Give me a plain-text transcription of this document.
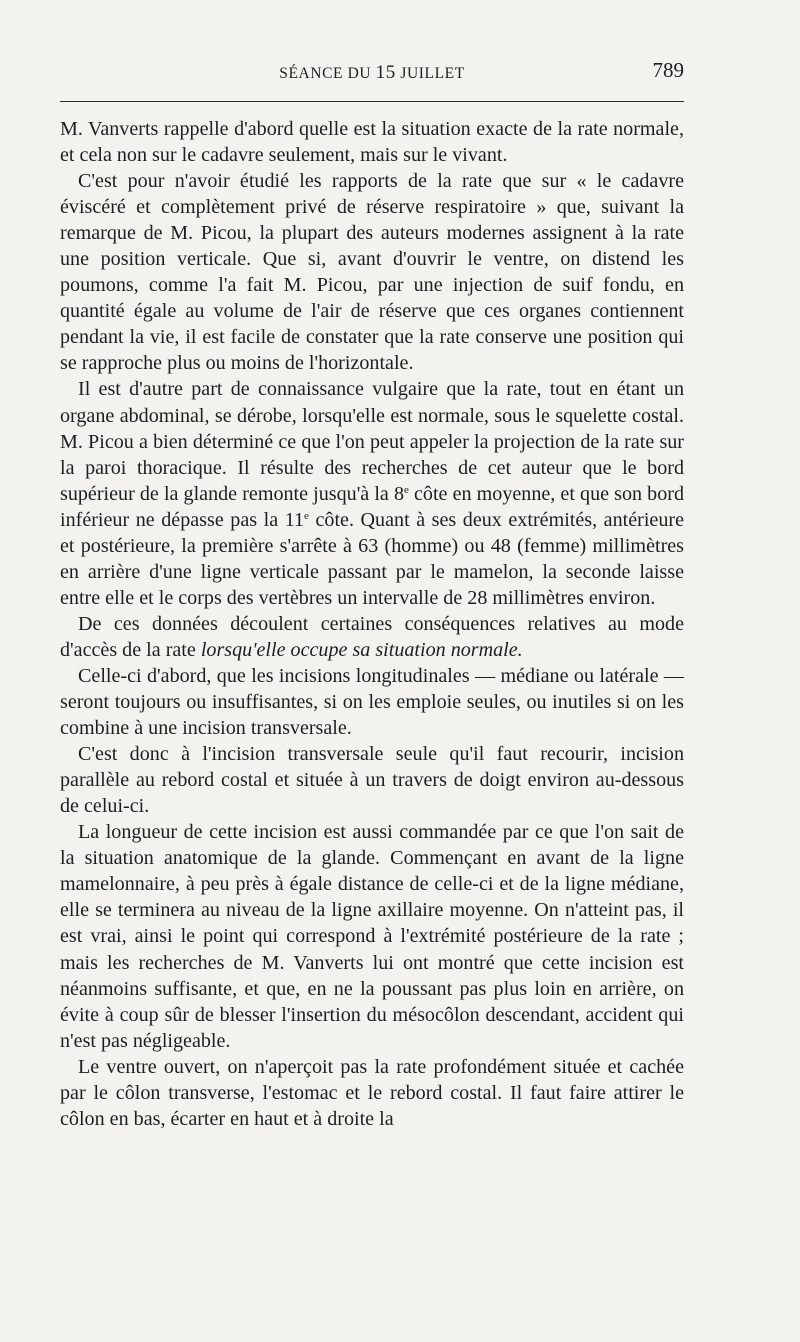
SÉANCE DU 15 JUILLET	789

M. Vanverts rappelle d'abord quelle est la situation exacte de la rate normale, et cela non sur le cadavre seulement, mais sur le vivant.

C'est pour n'avoir étudié les rapports de la rate que sur « le cadavre éviscéré et complètement privé de réserve respiratoire » que, suivant la remarque de M. Picou, la plupart des auteurs modernes assignent à la rate une position verticale. Que si, avant d'ouvrir le ventre, on distend les poumons, comme l'a fait M. Picou, par une injection de suif fondu, en quantité égale au volume de l'air de réserve que ces organes contiennent pendant la vie, il est facile de constater que la rate conserve une position qui se rapproche plus ou moins de l'horizontale.

Il est d'autre part de connaissance vulgaire que la rate, tout en étant un organe abdominal, se dérobe, lorsqu'elle est normale, sous le squelette costal. M. Picou a bien déterminé ce que l'on peut appeler la projection de la rate sur la paroi thoracique. Il résulte des recherches de cet auteur que le bord supérieur de la glande remonte jusqu'à la 8e côte en moyenne, et que son bord inférieur ne dépasse pas la 11e côte. Quant à ses deux extrémités, antérieure et postérieure, la première s'arrête à 63 (homme) ou 48 (femme) millimètres en arrière d'une ligne verticale passant par le mamelon, la seconde laisse entre elle et le corps des vertèbres un intervalle de 28 millimètres environ.

De ces données découlent certaines conséquences relatives au mode d'accès de la rate lorsqu'elle occupe sa situation normale.

Celle-ci d'abord, que les incisions longitudinales — médiane ou latérale — seront toujours ou insuffisantes, si on les emploie seules, ou inutiles si on les combine à une incision transversale.

C'est donc à l'incision transversale seule qu'il faut recourir, incision parallèle au rebord costal et située à un travers de doigt environ au-dessous de celui-ci.

La longueur de cette incision est aussi commandée par ce que l'on sait de la situation anatomique de la glande. Commençant en avant de la ligne mamelonnaire, à peu près à égale distance de celle-ci et de la ligne médiane, elle se terminera au niveau de la ligne axillaire moyenne. On n'atteint pas, il est vrai, ainsi le point qui correspond à l'extrémité postérieure de la rate ; mais les recherches de M. Vanverts lui ont montré que cette incision est néanmoins suffisante, et que, en ne la poussant pas plus loin en arrière, on évite à coup sûr de blesser l'insertion du mésocôlon descendant, accident qui n'est pas négligeable.

Le ventre ouvert, on n'aperçoit pas la rate profondément située et cachée par le côlon transverse, l'estomac et le rebord costal. Il faut faire attirer le côlon en bas, écarter en haut et à droite la
